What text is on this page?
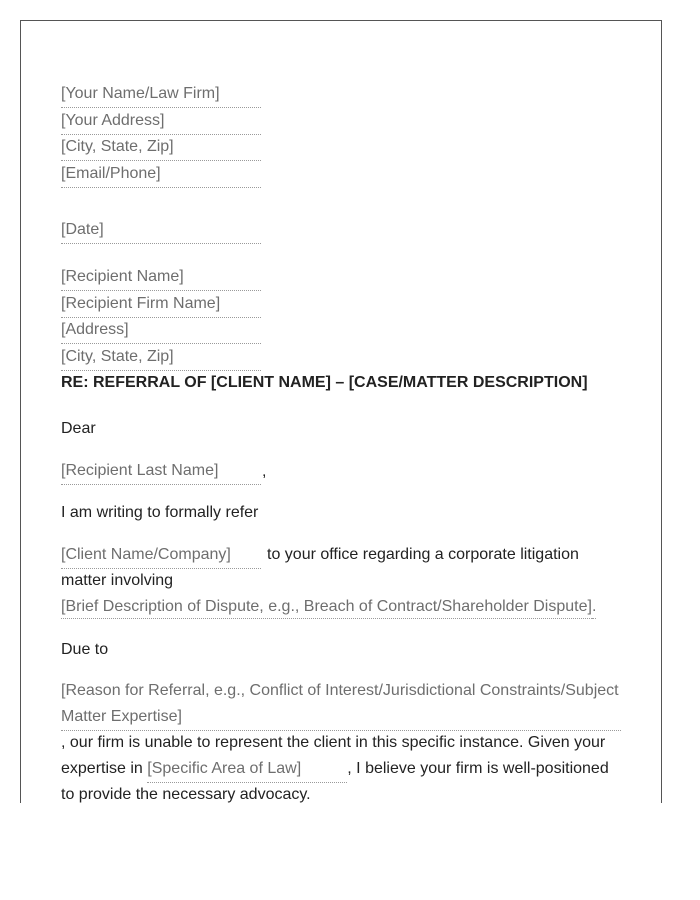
[Your Name/Law Firm]
[Your Address]
[City, State, Zip]
[Email/Phone]
[Date]
[Recipient Name]
[Recipient Firm Name]
[Address]
[City, State, Zip]
RE: REFERRAL OF [CLIENT NAME] – [CASE/MATTER DESCRIPTION]
Dear
[Recipient Last Name]	,
I am writing to formally refer
[Client Name/Company]	to your office regarding a corporate litigation
matter involving
[Brief Description of Dispute, e.g., Breach of Contract/Shareholder Dispute].
Due to
[Reason for Referral, e.g., Conflict of Interest/Jurisdictional Constraints/Subject
Matter Expertise]
, our firm is unable to represent the client in this specific instance. Given your
expertise in [Specific Area of Law]	, I believe your firm is well-positioned
to provide the necessary advocacy.
